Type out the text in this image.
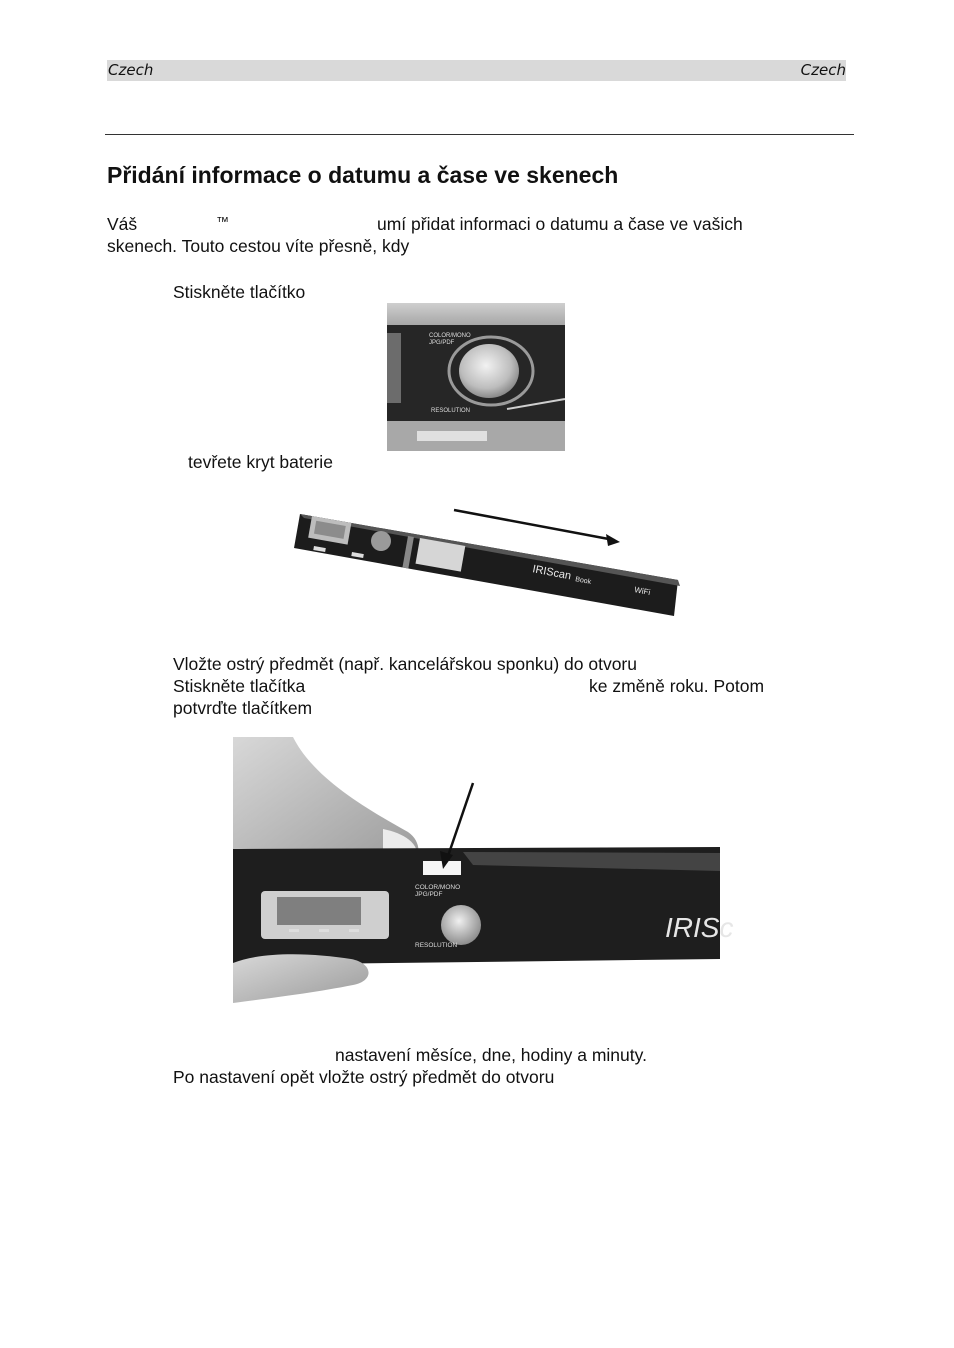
Czech	Czech
Přidání informace o datumu a čase ve skenech
Váš	™	umí přidat informaci o datumu a čase ve vašich
skenech. Touto cestou víte přesně, kdy
Stiskněte tlačítko
COLOR/MONO
JPG/PDF
RESOLUTION
tevřete kryt baterie
IRIScan Book
WiFi
Vložte ostrý předmět (např. kancelářskou sponku) do otvoru
Stiskněte tlačítka	ke změně roku. Potom
potvrďte tlačítkem
COLOR/MONO
JPG/PDF
RESOLUTION
IRISc
nastavení měsíce, dne, hodiny a minuty.
Po nastavení opět vložte ostrý předmět do otvoru
